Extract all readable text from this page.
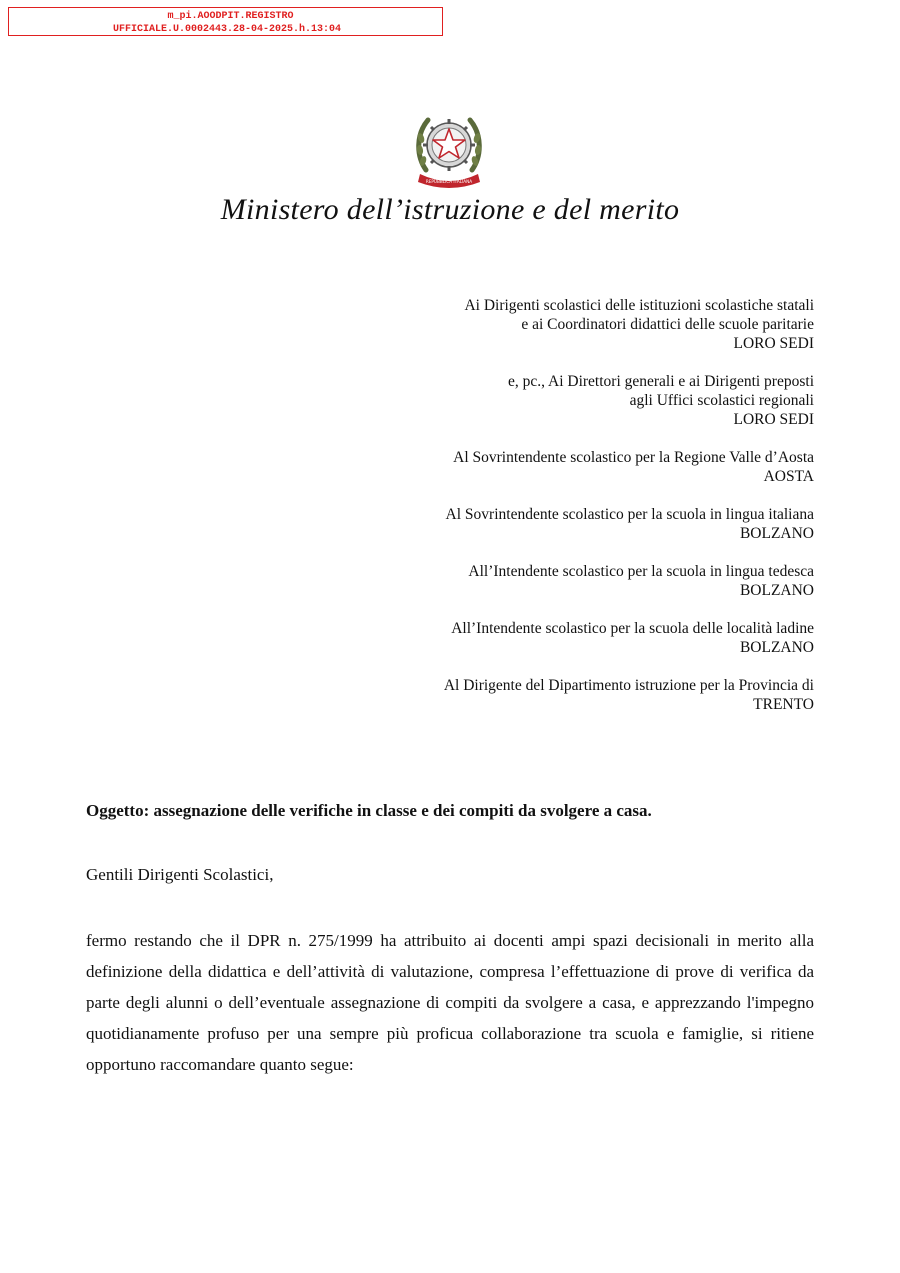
m_pi.AOODPIT.REGISTRO
UFFICIALE.U.0002443.28-04-2025.h.13:04
REPUBBLICA ITALIANA
Ministero dell’istruzione e del merito
Ai Dirigenti scolastici delle istituzioni scolastiche statali
e ai Coordinatori didattici delle scuole paritarie
LORO SEDI
e, pc., Ai Direttori generali e ai Dirigenti preposti
agli Uffici scolastici regionali
LORO SEDI
Al Sovrintendente scolastico per la Regione Valle d’Aosta
AOSTA
Al Sovrintendente scolastico per la scuola in lingua italiana
BOLZANO
All’Intendente scolastico per la scuola in lingua tedesca
BOLZANO
All’Intendente scolastico per la scuola delle località ladine
BOLZANO
Al Dirigente del Dipartimento istruzione per la Provincia di
TRENTO
Oggetto: assegnazione delle verifiche in classe e dei compiti da svolgere a casa.
Gentili Dirigenti Scolastici,
fermo restando che il DPR n. 275/1999 ha attribuito ai docenti ampi spazi decisionali in merito alla definizione della didattica e dell’attività di valutazione, compresa l’effettuazione di prove di verifica da parte degli alunni o dell’eventuale assegnazione di compiti da svolgere a casa, e apprezzando l'impegno quotidianamente profuso per una sempre più proficua collaborazione tra scuola e famiglie, si ritiene opportuno raccomandare quanto segue:
